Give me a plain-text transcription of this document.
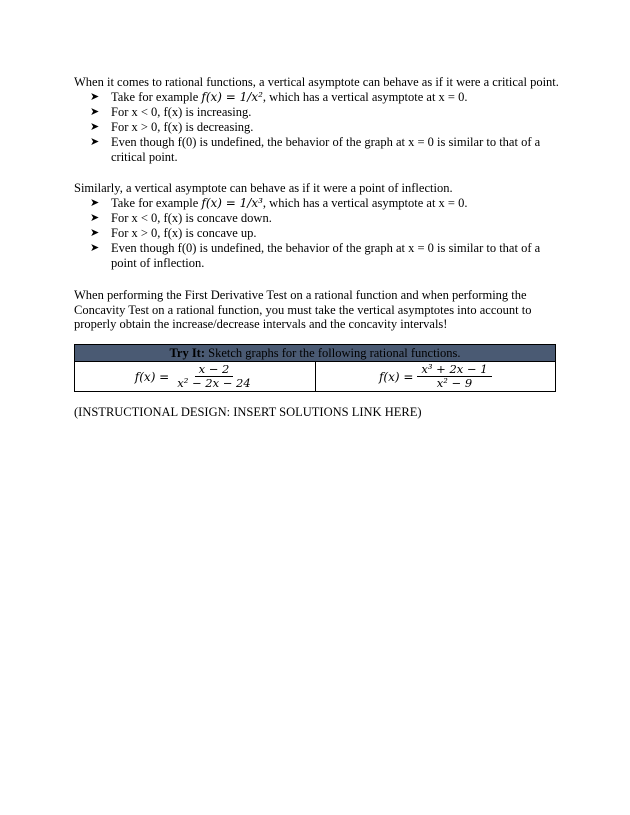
When it comes to rational functions, a vertical asymptote can behave as if it were a critical point.

➤ Take for example f(x) = 1/x², which has a vertical asymptote at x = 0.
➤ For x < 0, f(x) is increasing.
➤ For x > 0, f(x) is decreasing.
➤ Even though f(0) is undefined, the behavior of the graph at x = 0 is similar to that of a critical point.

Similarly, a vertical asymptote can behave as if it were a point of inflection.

➤ Take for example f(x) = 1/x³, which has a vertical asymptote at x = 0.
➤ For x < 0, f(x) is concave down.
➤ For x > 0, f(x) is concave up.
➤ Even though f(0) is undefined, the behavior of the graph at x = 0 is similar to that of a point of inflection.

When performing the First Derivative Test on a rational function and when performing the Concavity Test on a rational function, you must take the vertical asymptotes into account to properly obtain the increase/decrease intervals and the concavity intervals!

Try It: Sketch graphs for the following rational functions.

$f(x) = \frac{x - 2}{\text{x² − 2x − 24}}$	$f(x) = \frac{\text{x³ + 2x − 1}}{\text{x² − 9}}$

(INSTRUCTIONAL DESIGN: INSERT SOLUTIONS LINK HERE)
